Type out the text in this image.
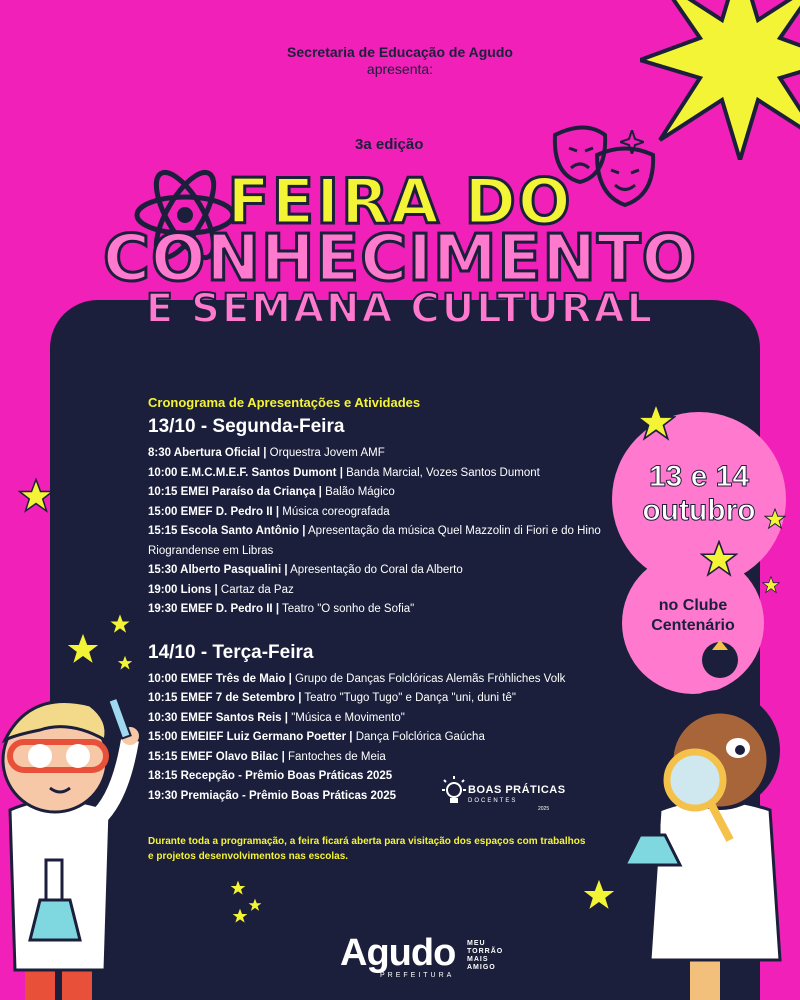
Secretaria de Educação de Agudo
apresenta:
3a edição
FEIRA DO
CONHECIMENTO
E SEMANA CULTURAL
Cronograma de Apresentações e Atividades
13/10 - Segunda-Feira
8:30 Abertura Oficial | Orquestra Jovem AMF
10:00 E.M.C.M.E.F. Santos Dumont | Banda Marcial, Vozes Santos Dumont
10:15 EMEI Paraíso da Criança | Balão Mágico
15:00 EMEF D. Pedro II | Música coreografada
15:15 Escola Santo Antônio | Apresentação da música Quel Mazzolin di Fiori e do Hino Riograndense em Libras
15:30 Alberto Pasqualini | Apresentação do Coral da Alberto
19:00 Lions | Cartaz da Paz
19:30 EMEF D. Pedro II | Teatro "O sonho de Sofia"
14/10 - Terça-Feira
10:00 EMEF Três de Maio | Grupo de Danças Folclóricas Alemãs Fröhliches Volk
10:15 EMEF 7 de Setembro | Teatro "Tugo Tugo" e Dança "uni, duni tê"
10:30 EMEF Santos Reis | "Música e Movimento"
15:00 EMEIEF Luiz Germano Poetter | Dança Folclórica Gaúcha
15:15 EMEF Olavo Bilac | Fantoches de Meia
18:15 Recepção - Prêmio Boas Práticas 2025
19:30 Premiação - Prêmio Boas Práticas 2025
Durante toda a programação, a feira ficará aberta para visitação dos espaços com trabalhos e projetos desenvolvimentos nas escolas.
BOAS PRÁTICAS
DOCENTES
2025
13 e 14
outubro
no Clube
Centenário
Agudo
PREFEITURA
MEU
TORRÃO
MAIS
AMIGO
